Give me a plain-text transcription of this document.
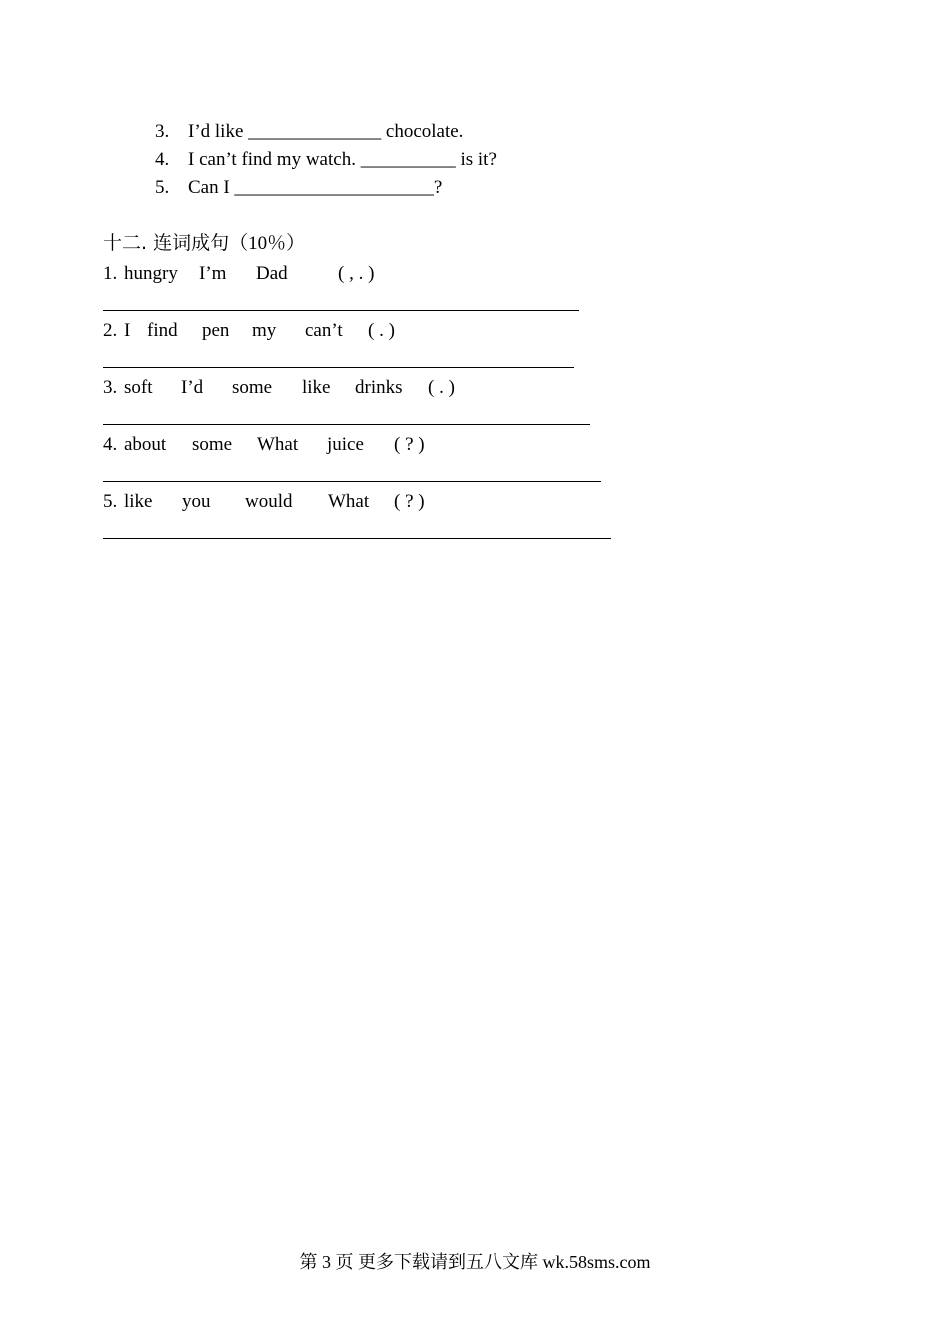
3. I’d like ______________ chocolate.
4. I can’t find my watch. __________ is it?
5. Can I _____________________?
十二. 连词成句（10％）
1. hungry I’m Dad	( , . )
2. I find pen my can’t ( . )
3. soft I’d some like drinks ( . )
4. about some What juice ( ? )
5. like you would What ( ? )
第 3 页 更多下载请到五八文库 wk.58sms.com
